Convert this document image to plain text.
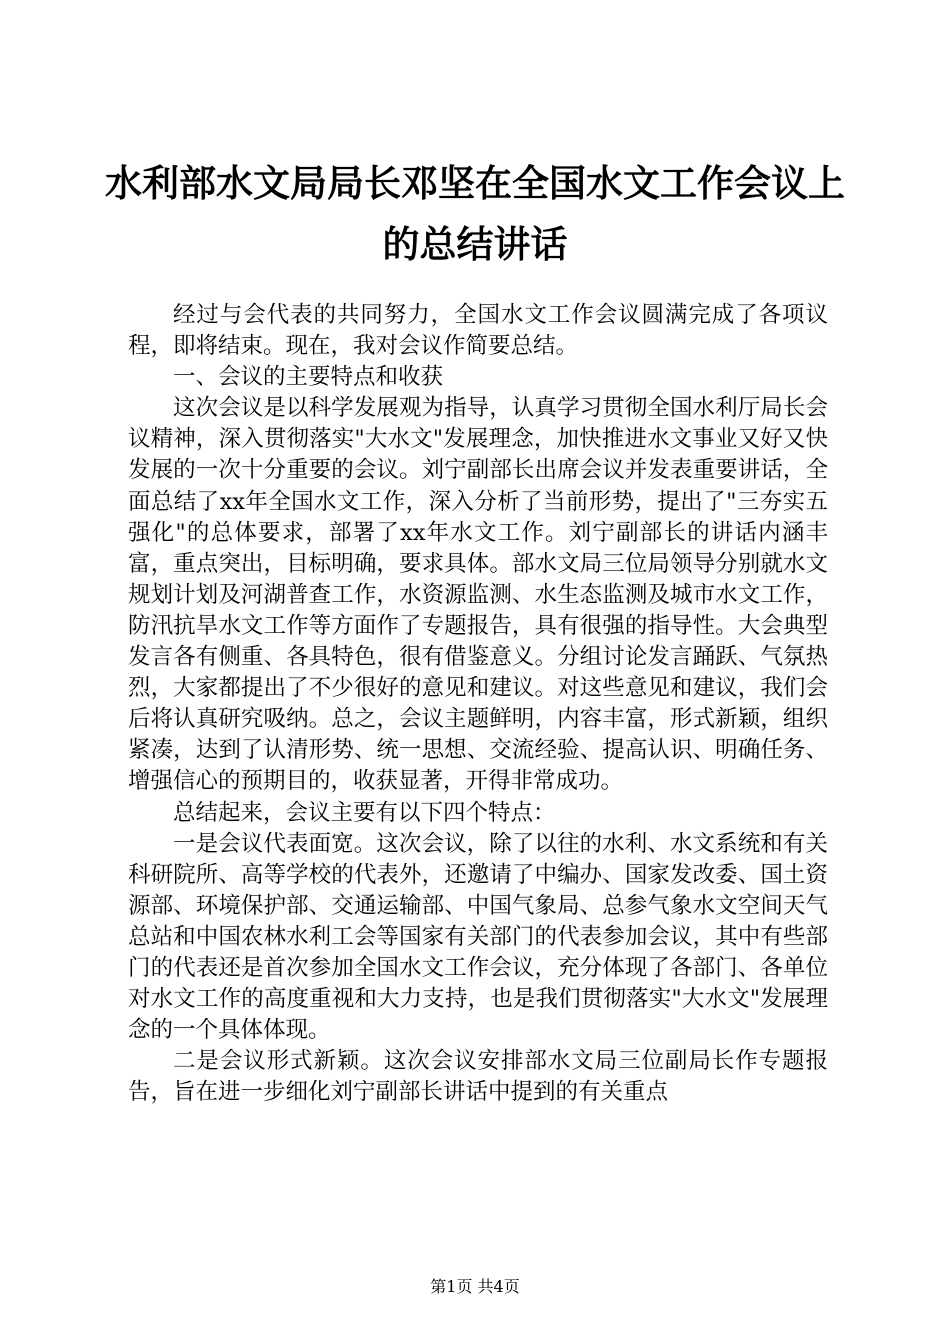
水利部水文局局长邓坚在全国水文工作会议上
的总结讲话

经过与会代表的共同努力，全国水文工作会议圆满完成了各项议程，即将结束。现在，我对会议作简要总结。

一、会议的主要特点和收获

这次会议是以科学发展观为指导，认真学习贯彻全国水利厅局长会议精神，深入贯彻落实"大水文"发展理念，加快推进水文事业又好又快发展的一次十分重要的会议。刘宁副部长出席会议并发表重要讲话，全面总结了xx年全国水文工作，深入分析了当前形势，提出了"三夯实五强化"的总体要求，部署了xx年水文工作。刘宁副部长的讲话内涵丰富，重点突出，目标明确，要求具体。部水文局三位局领导分别就水文规划计划及河湖普查工作，水资源监测、水生态监测及城市水文工作，防汛抗旱水文工作等方面作了专题报告，具有很强的指导性。大会典型发言各有侧重、各具特色，很有借鉴意义。分组讨论发言踊跃、气氛热烈，大家都提出了不少很好的意见和建议。对这些意见和建议，我们会后将认真研究吸纳。总之，会议主题鲜明，内容丰富，形式新颖，组织紧凑，达到了认清形势、统一思想、交流经验、提高认识、明确任务、增强信心的预期目的，收获显著，开得非常成功。

总结起来，会议主要有以下四个特点：

一是会议代表面宽。这次会议，除了以往的水利、水文系统和有关科研院所、高等学校的代表外，还邀请了中编办、国家发改委、国土资源部、环境保护部、交通运输部、中国气象局、总参气象水文空间天气总站和中国农林水利工会等国家有关部门的代表参加会议，其中有些部门的代表还是首次参加全国水文工作会议，充分体现了各部门、各单位对水文工作的高度重视和大力支持，也是我们贯彻落实"大水文"发展理念的一个具体体现。

二是会议形式新颖。这次会议安排部水文局三位副局长作专题报告，旨在进一步细化刘宁副部长讲话中提到的有关重点

第1页 共4页
